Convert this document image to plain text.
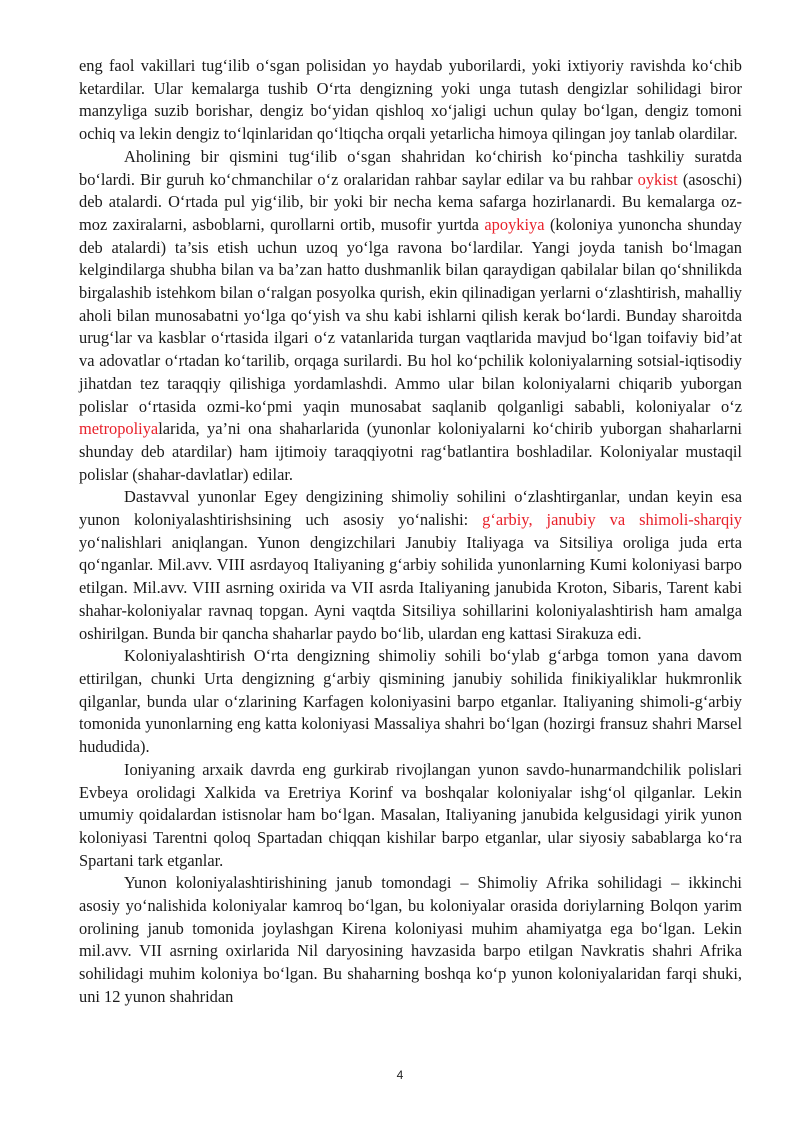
eng faol vakillari tug‘ilib o‘sgan polisidan yo haydab yuborilardi, yoki ixtiyoriy ravishda ko‘chib ketardilar. Ular kemalarga tushib O‘rta dengizning yoki unga tutash dengizlar sohilidagi biror manzyliga suzib borishar, dengiz bo‘yidan qishloq xo‘jaligi uchun qulay bo‘lgan, dengiz tomoni ochiq va lekin dengiz to‘lqinlaridan qo‘ltiqcha orqali yetarlicha himoya qilingan joy tanlab olardilar.

Aholining bir qismini tug‘ilib o‘sgan shahridan ko‘chirish ko‘pincha tashkiliy suratda bo‘lardi. Bir guruh ko‘chmanchilar o‘z oralaridan rahbar saylar edilar va bu rahbar oykist (asoschi) deb atalardi. O‘rtada pul yig‘ilib, bir yoki bir necha kema safarga hozirlanardi. Bu kemalarga oz-moz zaxiralarni, asboblarni, qurollarni ortib, musofir yurtda apoykiya (koloniya yunoncha shunday deb atalardi) ta’sis etish uchun uzoq yo‘lga ravona bo‘lardilar. Yangi joyda tanish bo‘lmagan kelgindilarga shubha bilan va ba’zan hatto dushmanlik bilan qaraydigan qabilalar bilan qo‘shnilikda birgalashib istehkom bilan o‘ralgan posyolka qurish, ekin qilinadigan yerlarni o‘zlashtirish, mahalliy aholi bilan munosabatni yo‘lga qo‘yish va shu kabi ishlarni qilish kerak bo‘lardi. Bunday sharoitda urug‘lar va kasblar o‘rtasida ilgari o‘z vatanlarida turgan vaqtlarida mavjud bo‘lgan toifaviy bid’at va adovatlar o‘rtadan ko‘tarilib, orqaga surilardi. Bu hol ko‘pchilik koloniyalarning sotsial-iqtisodiy jihatdan tez taraqqiy qilishiga yordamlashdi. Ammo ular bilan koloniyalarni chiqarib yuborgan polislar o‘rtasida ozmi-ko‘pmi yaqin munosabat saqlanib qolganligi sababli, koloniyalar o‘z metropoliyalarida, ya’ni ona shaharlarida (yunonlar koloniyalarni ko‘chirib yuborgan shaharlarni shunday deb atardilar) ham ijtimoiy taraqqiyotni rag‘batlantira boshladilar. Koloniyalar mustaqil polislar (shahar-davlatlar) edilar.

Dastavval yunonlar Egey dengizining shimoliy sohilini o‘zlashtirganlar, undan keyin esa yunon koloniyalashtirishsining uch asosiy yo‘nalishi: g‘arbiy, janubiy va shimoli-sharqiy yo‘nalishlari aniqlangan. Yunon dengizchilari Janubiy Italiyaga va Sitsiliya oroliga juda erta qo‘nganlar. Mil.avv. VIII asrdayoq Italiyaning g‘arbiy sohilida yunonlarning Kumi koloniyasi barpo etilgan. Mil.avv. VIII asrning oxirida va VII asrda Italiyaning janubida Kroton, Sibaris, Tarent kabi shahar-koloniyalar ravnaq topgan. Ayni vaqtda Sitsiliya sohillarini koloniyalashtirish ham amalga oshirilgan. Bunda bir qancha shaharlar paydo bo‘lib, ulardan eng kattasi Sirakuza edi.

Koloniyalashtirish O‘rta dengizning shimoliy sohili bo‘ylab g‘arbga tomon yana davom ettirilgan, chunki Urta dengizning g‘arbiy qismining janubiy sohilida finikiyaliklar hukmronlik qilganlar, bunda ular o‘zlarining Karfagen koloniyasini barpo etganlar. Italiyaning shimoli-g‘arbiy tomonida yunonlarning eng katta koloniyasi Massaliya shahri bo‘lgan (hozirgi fransuz shahri Marsel hududida).

Ioniyaning arxaik davrda eng gurkirab rivojlangan yunon savdo-hunarmandchilik polislari Evbeya orolidagi Xalkida va Eretriya Korinf va boshqalar koloniyalar ishg‘ol qilganlar. Lekin umumiy qoidalardan istisnolar ham bo‘lgan. Masalan, Italiyaning janubida kelgusidagi yirik yunon koloniyasi Tarentni qoloq Spartadan chiqqan kishilar barpo etganlar, ular siyosiy sabablarga ko‘ra Spartani tark etganlar.

Yunon koloniyalashtirishining janub tomondagi – Shimoliy Afrika sohilidagi – ikkinchi asosiy yo‘nalishida koloniyalar kamroq bo‘lgan, bu koloniyalar orasida doriylarning Bolqon yarim orolining janub tomonida joylashgan Kirena koloniyasi muhim ahamiyatga ega bo‘lgan. Lekin mil.avv. VII asrning oxirlarida Nil daryosining havzasida barpo etilgan Navkratis shahri Afrika sohilidagi muhim koloniya bo‘lgan. Bu shaharning boshqa ko‘p yunon koloniyalaridan farqi shuki, uni 12 yunon shahridan

4
